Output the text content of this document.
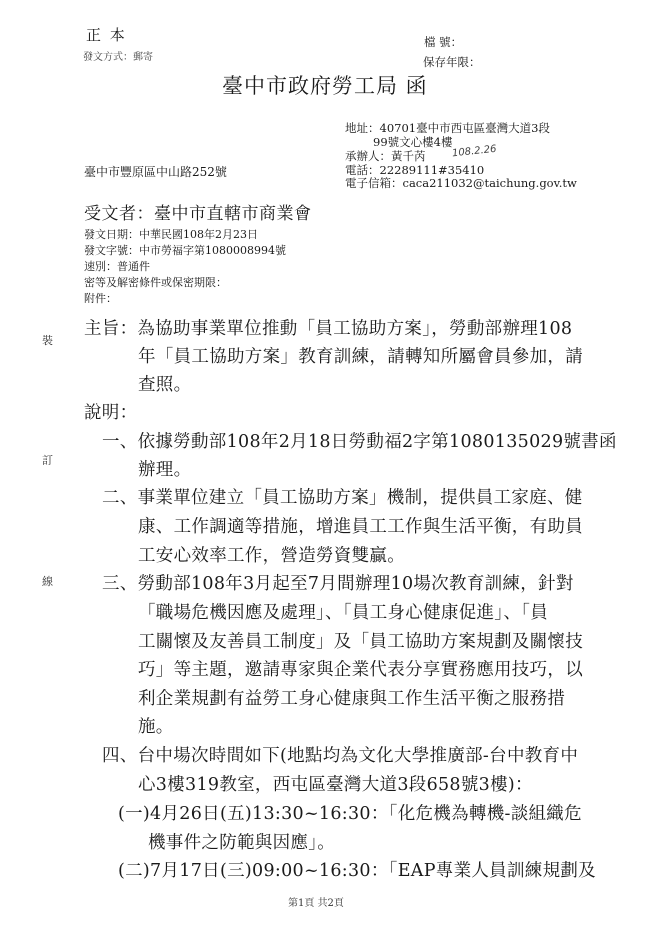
正 本
發文方式：郵寄
檔 號：
保存年限：
臺中市政府勞工局 函
地址：40701臺中市西屯區臺灣大道3段
99號文心樓4樓
承辦人：黃千芮	108.2.26
電話：22289111#35410
電子信箱：caca211032@taichung.gov.tw
臺中市豐原區中山路252號
受文者：臺中市直轄市商業會
發文日期：中華民國108年2月23日
發文字號：中市勞福字第1080008994號
速別：普通件
密等及解密條件或保密期限：
附件：
裝
訂
線
主旨：為協助事業單位推動「員工協助方案」，勞動部辦理108
年「員工協助方案」教育訓練，請轉知所屬會員參加，請
查照。
說明：
一、依據勞動部108年2月18日勞動福2字第1080135029號書函
辦理。
二、事業單位建立「員工協助方案」機制，提供員工家庭、健
康、工作調適等措施，增進員工工作與生活平衡，有助員
工安心效率工作，營造勞資雙贏。
三、勞動部108年3月起至7月間辦理10場次教育訓練，針對
「職場危機因應及處理」、「員工身心健康促進」、「員
工關懷及友善員工制度」及「員工協助方案規劃及關懷技
巧」等主題，邀請專家與企業代表分享實務應用技巧，以
利企業規劃有益勞工身心健康與工作生活平衡之服務措
施。
四、台中場次時間如下(地點均為文化大學推廣部-台中教育中
心3樓319教室，西屯區臺灣大道3段658號3樓)：
(一)4月26日(五)13:30~16:30：「化危機為轉機-談組織危
機事件之防範與因應」。
(二)7月17日(三)09:00~16:30：「EAP專業人員訓練規劃及
第1頁 共2頁
